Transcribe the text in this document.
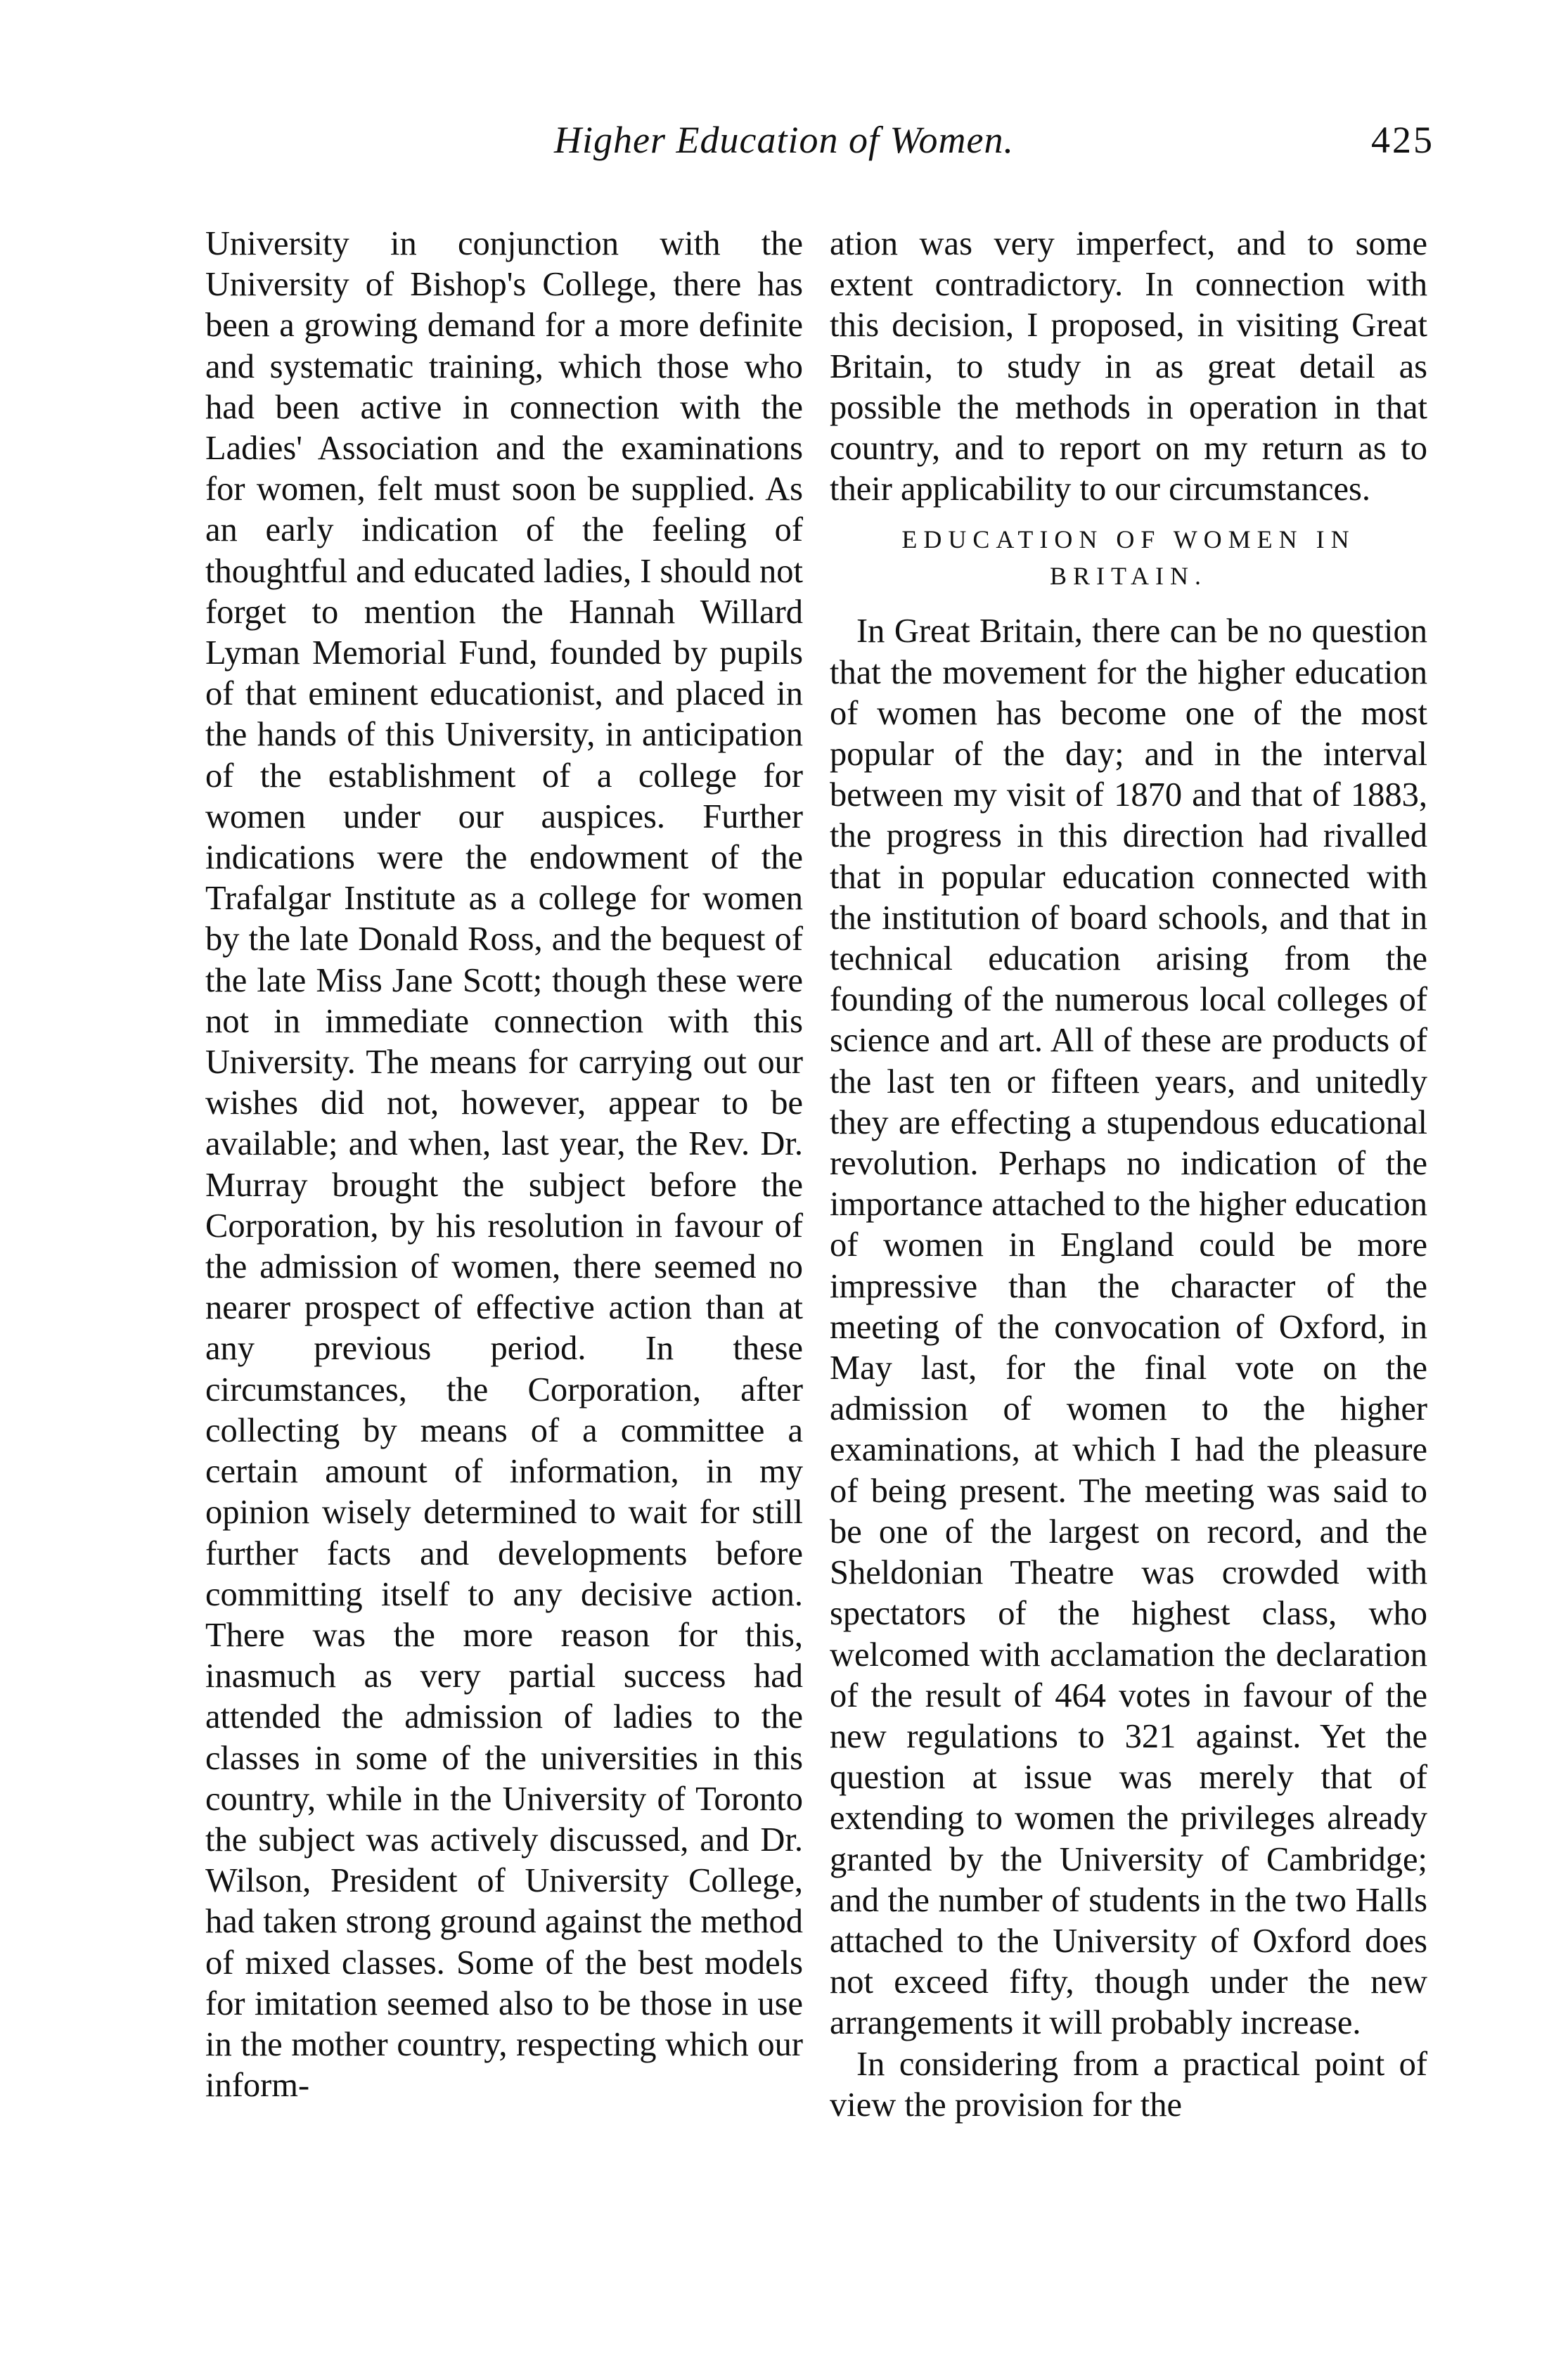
Higher Education of Women.	425

University in conjunction with the University of Bishop's College, there has been a growing demand for a more definite and systematic training, which those who had been active in connection with the Ladies' Association and the examinations for women, felt must soon be supplied. As an early indication of the feeling of thoughtful and educated ladies, I should not forget to mention the Hannah Willard Lyman Memorial Fund, founded by pupils of that eminent educationist, and placed in the hands of this University, in anticipation of the establishment of a college for women under our auspices. Further indications were the endowment of the Trafalgar Institute as a college for women by the late Donald Ross, and the bequest of the late Miss Jane Scott; though these were not in immediate connection with this University. The means for carrying out our wishes did not, however, appear to be available; and when, last year, the Rev. Dr. Murray brought the subject before the Corporation, by his resolution in favour of the admission of women, there seemed no nearer prospect of effective action than at any previous period. In these circumstances, the Corporation, after collecting by means of a committee a certain amount of information, in my opinion wisely determined to wait for still further facts and developments before committing itself to any decisive action. There was the more reason for this, inasmuch as very partial success had attended the admission of ladies to the classes in some of the universities in this country, while in the University of Toronto the subject was actively discussed, and Dr. Wilson, President of University College, had taken strong ground against the method of mixed classes. Some of the best models for imitation seemed also to be those in use in the mother country, respecting which our inform-

ation was very imperfect, and to some extent contradictory. In connection with this decision, I proposed, in visiting Great Britain, to study in as great detail as possible the methods in operation in that country, and to report on my return as to their applicability to our circumstances.

EDUCATION OF WOMEN IN BRITAIN.

In Great Britain, there can be no question that the movement for the higher education of women has become one of the most popular of the day; and in the interval between my visit of 1870 and that of 1883, the progress in this direction had rivalled that in popular education connected with the institution of board schools, and that in technical education arising from the founding of the numerous local colleges of science and art. All of these are products of the last ten or fifteen years, and unitedly they are effecting a stupendous educational revolution. Perhaps no indication of the importance attached to the higher education of women in England could be more impressive than the character of the meeting of the convocation of Oxford, in May last, for the final vote on the admission of women to the higher examinations, at which I had the pleasure of being present. The meeting was said to be one of the largest on record, and the Sheldonian Theatre was crowded with spectators of the highest class, who welcomed with acclamation the declaration of the result of 464 votes in favour of the new regulations to 321 against. Yet the question at issue was merely that of extending to women the privileges already granted by the University of Cambridge; and the number of students in the two Halls attached to the University of Oxford does not exceed fifty, though under the new arrangements it will probably increase.

In considering from a practical point of view the provision for the
